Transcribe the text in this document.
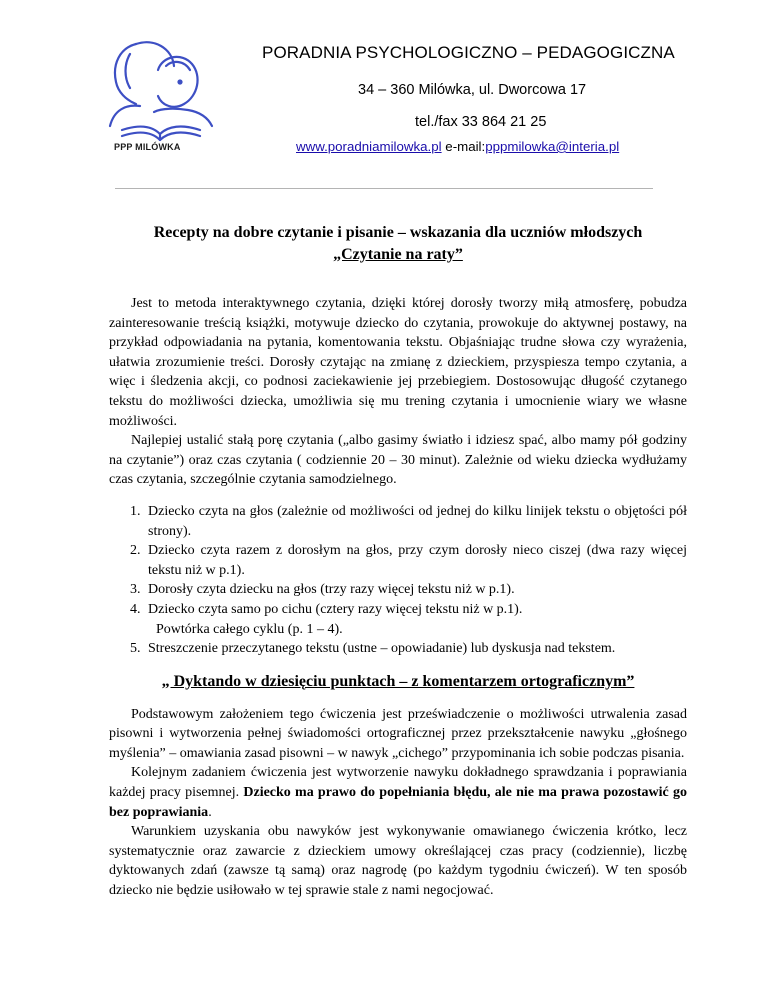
PPP MILÓWKA
PORADNIA PSYCHOLOGICZNO – PEDAGOGICZNA
34 – 360 Milówka, ul. Dworcowa 17
tel./fax 33 864 21 25
www.poradniamilowka.pl e-mail:pppmilowka@interia.pl

Recepty na dobre czytanie i pisanie – wskazania dla uczniów młodszych

„Czytanie na raty”

Jest to metoda interaktywnego czytania, dzięki której dorosły tworzy miłą atmosferę, pobudza zainteresowanie treścią książki, motywuje dziecko do czytania, prowokuje do aktywnej postawy, na przykład odpowiadania na pytania, komentowania tekstu. Objaśniając trudne słowa czy wyrażenia, ułatwia zrozumienie treści. Dorosły czytając na zmianę z dzieckiem, przyspiesza tempo czytania, a więc i śledzenia akcji, co podnosi zaciekawienie jej przebiegiem. Dostosowując długość czytanego tekstu do możliwości dziecka, umożliwia się mu trening czytania i umocnienie wiary we własne możliwości.

Najlepiej ustalić stałą porę czytania („albo gasimy światło i idziesz spać, albo mamy pół godziny na czytanie”) oraz czas czytania ( codziennie 20 – 30 minut). Zależnie od wieku dziecka wydłużamy czas czytania, szczególnie czytania samodzielnego.

1. Dziecko czyta na głos (zależnie od możliwości od jednej do kilku linijek tekstu o objętości pół strony).
2. Dziecko czyta razem z dorosłym na głos, przy czym dorosły nieco ciszej (dwa razy więcej tekstu niż w p.1).
3. Dorosły czyta dziecku na głos (trzy razy więcej tekstu niż w p.1).
4. Dziecko czyta samo po cichu (cztery razy więcej tekstu niż w p.1).
Powtórka całego cyklu (p. 1 – 4).
5. Streszczenie przeczytanego tekstu (ustne – opowiadanie) lub dyskusja nad tekstem.

„ Dyktando w dziesięciu punktach – z komentarzem ortograficznym”

Podstawowym założeniem tego ćwiczenia jest przeświadczenie o możliwości utrwalenia zasad pisowni i wytworzenia pełnej świadomości ortograficznej przez przekształcenie nawyku „głośnego myślenia” – omawiania zasad pisowni – w nawyk „cichego” przypominania ich sobie podczas pisania.

Kolejnym zadaniem ćwiczenia jest wytworzenie nawyku dokładnego sprawdzania i poprawiania każdej pracy pisemnej. Dziecko ma prawo do popełniania błędu, ale nie ma prawa pozostawić go bez poprawiania.

Warunkiem uzyskania obu nawyków jest wykonywanie omawianego ćwiczenia krótko, lecz systematycznie oraz zawarcie z dzieckiem umowy określającej czas pracy (codziennie), liczbę dyktowanych zdań (zawsze tą samą) oraz nagrodę (po każdym tygodniu ćwiczeń). W ten sposób dziecko nie będzie usiłowało w tej sprawie stale z nami negocjować.
